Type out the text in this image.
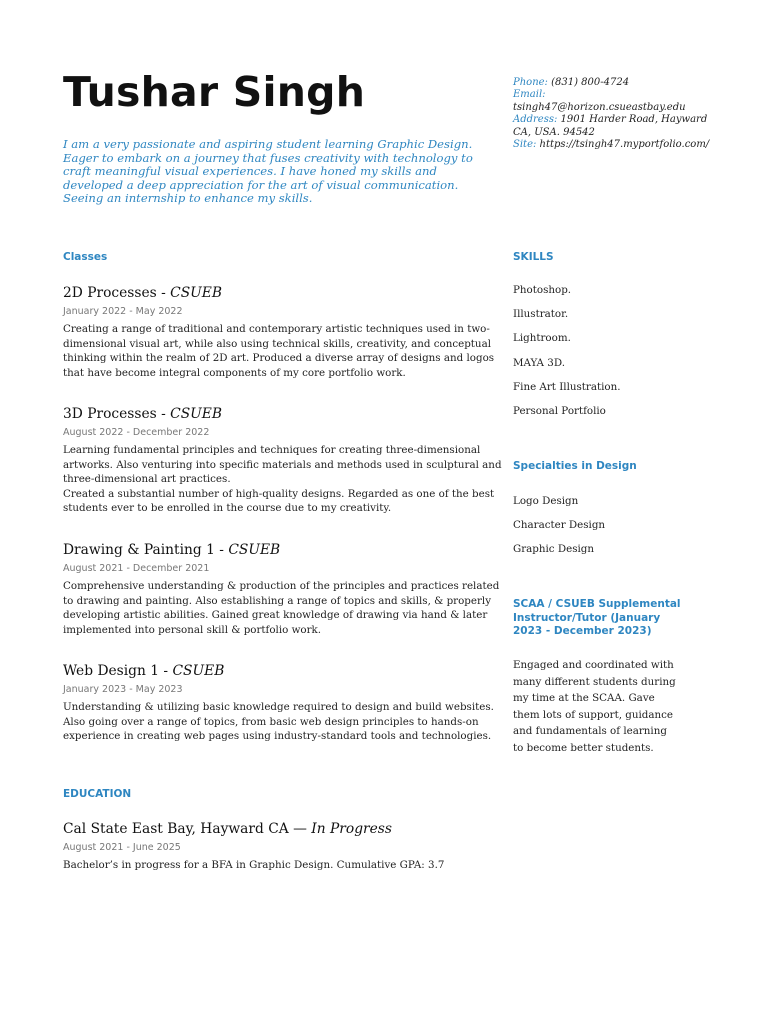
Tushar Singh

I am a very passionate and aspiring student learning Graphic Design. Eager to embark on a journey that fuses creativity with technology to craft meaningful visual experiences. I have honed my skills and developed a deep appreciation for the art of visual communication. Seeing an internship to enhance my skills.

Phone: (831) 800-4724
Email:
tsingh47@horizon.csueastbay.edu
Address: 1901 Harder Road, Hayward
CA, USA. 94542
Site: https://tsingh47.myportfolio.com/
Classes

2D Processes - CSUEB

January 2022 - May 2022

Creating a range of traditional and contemporary artistic techniques used in two-dimensional visual art, while also using technical skills, creativity, and conceptual thinking within the realm of 2D art. Produced a diverse array of designs and logos that have become integral components of my core portfolio work.

3D Processes - CSUEB

August 2022 - December 2022

Learning fundamental principles and techniques for creating three-dimensional artworks. Also venturing into specific materials and methods used in sculptural and three-dimensional art practices.

Created a substantial number of high-quality designs. Regarded as one of the best students ever to be enrolled in the course due to my creativity.

Drawing & Painting 1 - CSUEB

August 2021 - December 2021

Comprehensive understanding & production of the principles and practices related to drawing and painting. Also establishing a range of topics and skills, & properly developing artistic abilities. Gained great knowledge of drawing via hand & later implemented into personal skill & portfolio work.

Web Design 1 - CSUEB

January 2023 - May 2023

Understanding & utilizing basic knowledge required to design and build websites. Also going over a range of topics, from basic web design principles to hands-on experience in creating web pages using industry-standard tools and technologies.

EDUCATION

Cal State East Bay, Hayward CA — In Progress

August 2021 - June 2025

Bachelor’s in progress for a BFA in Graphic Design. Cumulative GPA: 3.7

SKILLS
Photoshop.
Illustrator.
Lightroom.
MAYA 3D.
Fine Art Illustration.
Personal Portfolio
Specialties in Design
Logo Design
Character Design
Graphic Design
SCAA / CSUEB Supplemental Instructor/Tutor (January 2023 - December 2023)

Engaged and coordinated with many different students during my time at the SCAA. Gave them lots of support, guidance and fundamentals of learning to become better students.
